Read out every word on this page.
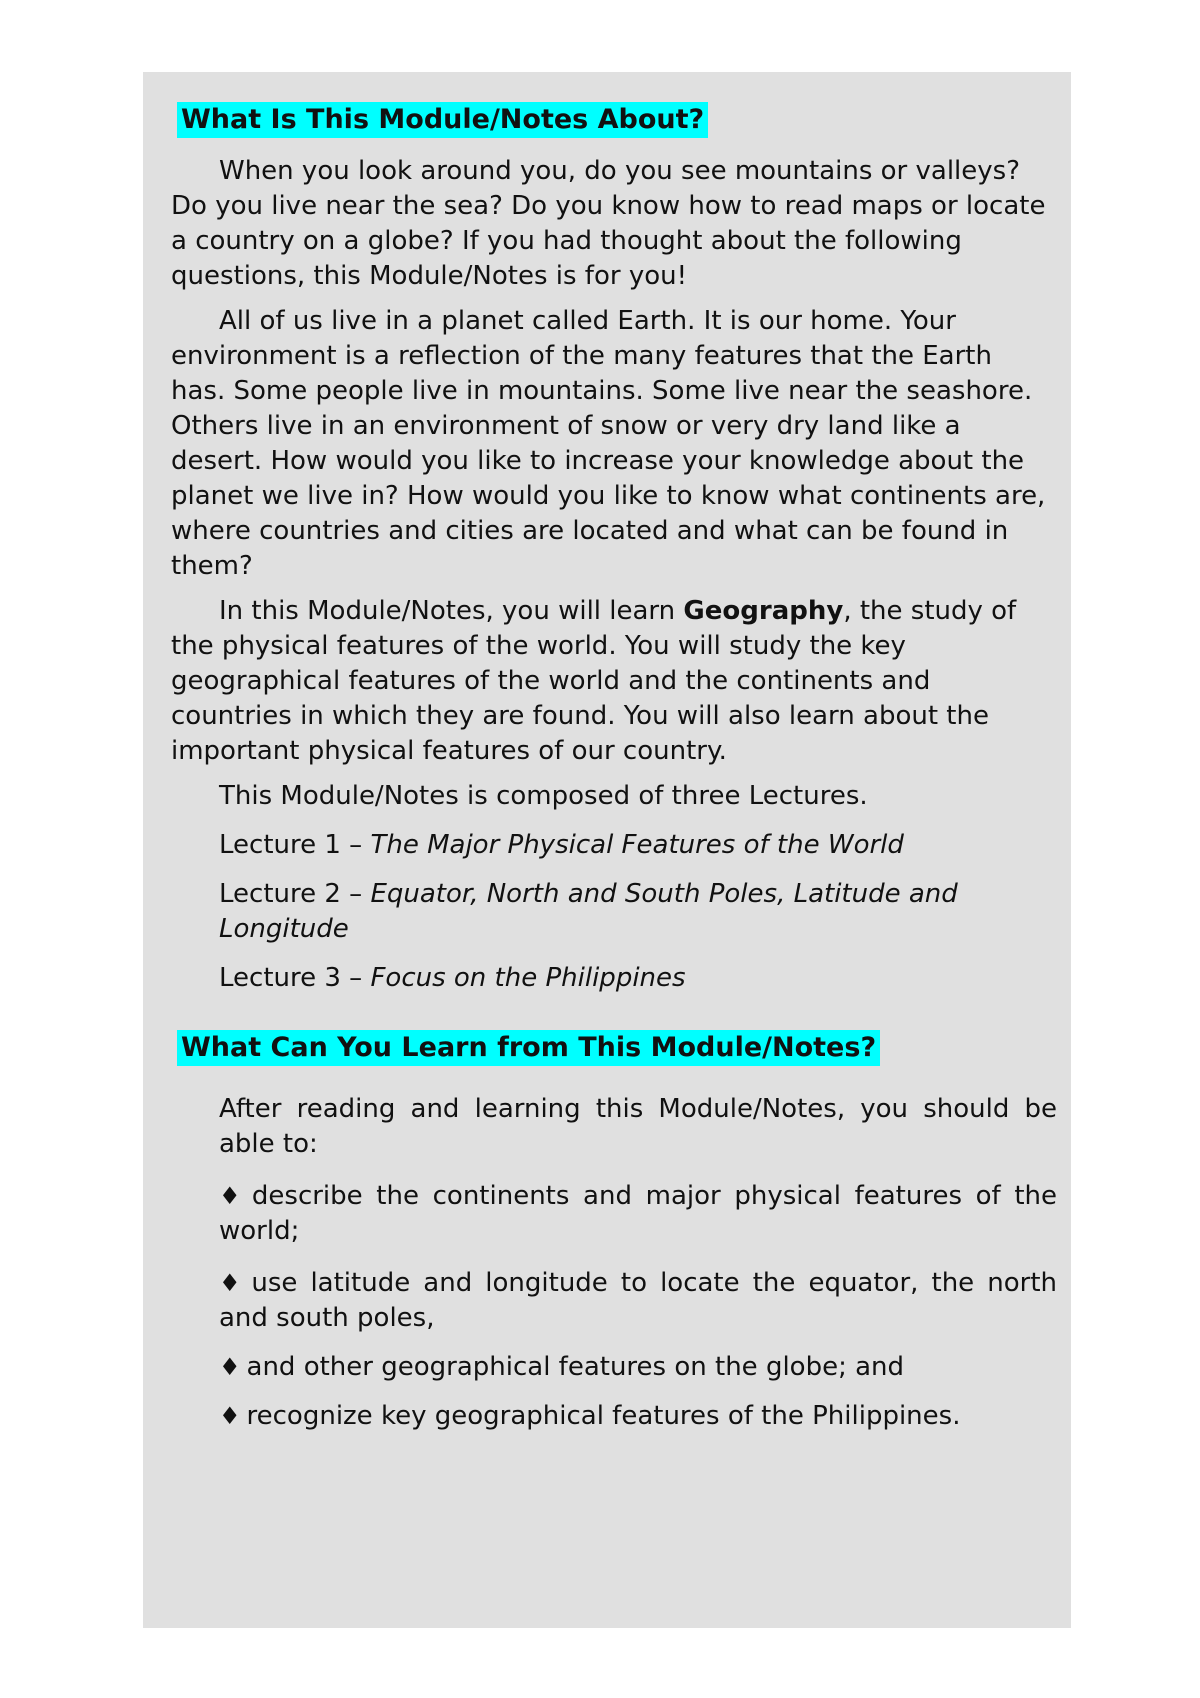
What Is This Module/Notes About?

When you look around you, do you see mountains or valleys? Do you live near the sea? Do you know how to read maps or locate a country on a globe? If you had thought about the following questions, this Module/Notes is for you!

All of us live in a planet called Earth. It is our home. Your environment is a reflection of the many features that the Earth has. Some people live in mountains. Some live near the seashore. Others live in an environment of snow or very dry land like a desert. How would you like to increase your knowledge about the planet we live in? How would you like to know what continents are, where countries and cities are located and what can be found in them?

In this Module/Notes, you will learn Geography, the study of the physical features of the world. You will study the key geographical features of the world and the continents and countries in which they are found. You will also learn about the important physical features of our country.

This Module/Notes is composed of three Lectures.
Lecture 1 – The Major Physical Features of the World
Lecture 2 – Equator, North and South Poles, Latitude and Longitude
Lecture 3 – Focus on the Philippines
What Can You Learn from This Module/Notes?
After reading and learning this Module/Notes, you should be able to:
♦ describe the continents and major physical features of the world;
♦ use latitude and longitude to locate the equator, the north and south poles,
♦ and other geographical features on the globe; and
♦ recognize key geographical features of the Philippines.
